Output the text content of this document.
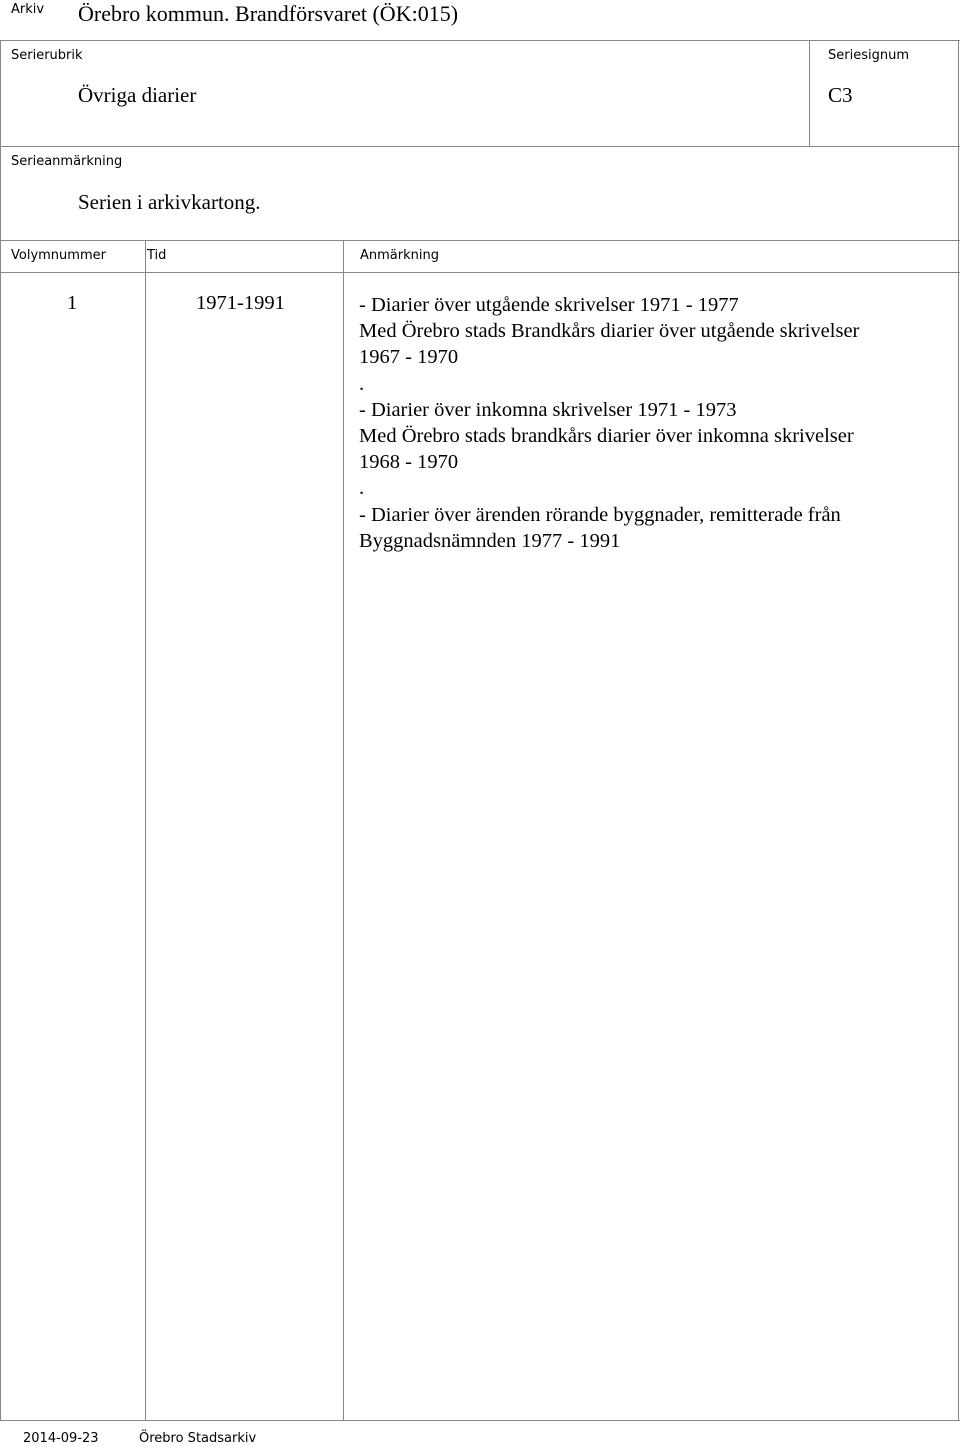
Arkiv Örebro kommun. Brandförsvaret (ÖK:015)
Serierubrik
Övriga diarier
Seriesignum
C3
Serieanmärkning
Serien i arkivkartong.
Volymnummer	Tid	Anmärkning
1	1971-1991	- Diarier över utgående skrivelser 1971 - 1977
Med Örebro stads Brandkårs diarier över utgående skrivelser
1967 - 1970
.
- Diarier över inkomna skrivelser 1971 - 1973
Med Örebro stads brandkårs diarier över inkomna skrivelser
1968 - 1970
.
- Diarier över ärenden rörande byggnader, remitterade från
Byggnadsnämnden 1977 - 1991
2014-09-23	Örebro Stadsarkiv
